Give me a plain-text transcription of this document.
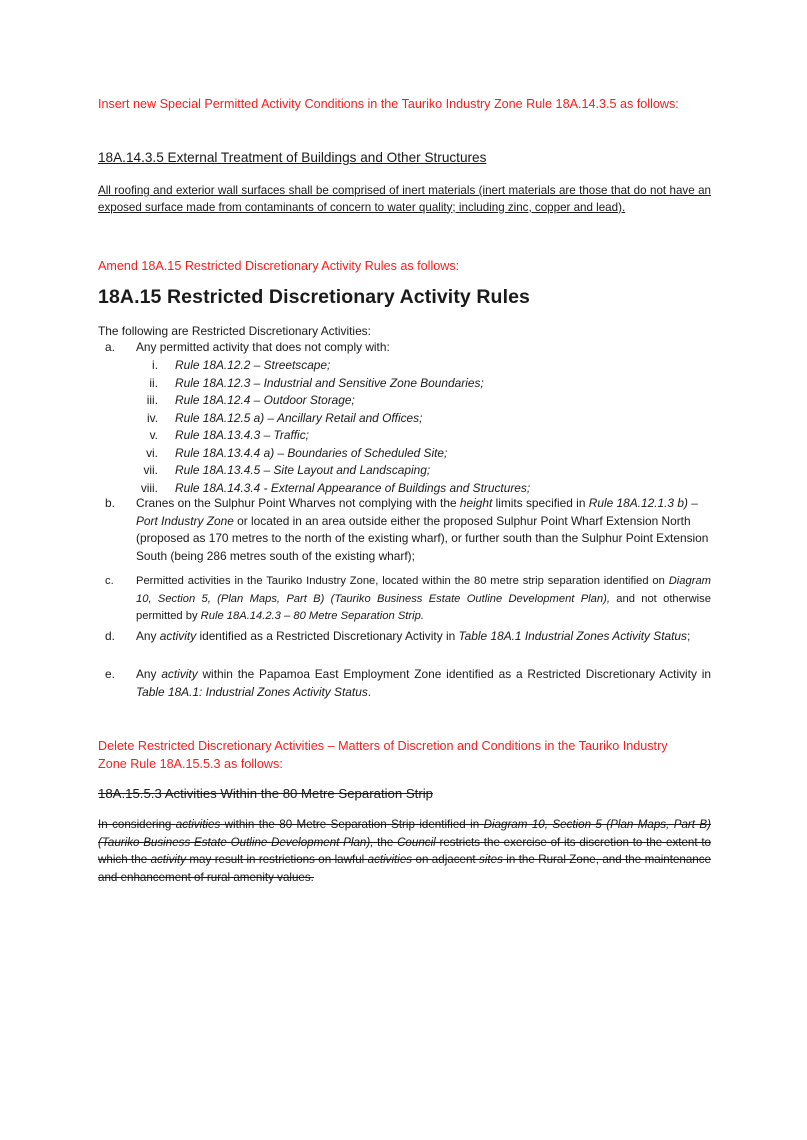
Insert new Special Permitted Activity Conditions in the Tauriko Industry Zone Rule 18A.14.3.5 as follows:
18A.14.3.5 External Treatment of Buildings and Other Structures
All roofing and exterior wall surfaces shall be comprised of inert materials (inert materials are those that do not have an exposed surface made from contaminants of concern to water quality; including zinc, copper and lead).
Amend 18A.15 Restricted Discretionary Activity Rules as follows:
18A.15 Restricted Discretionary Activity Rules
The following are Restricted Discretionary Activities:
a. Any permitted activity that does not comply with:
i. Rule 18A.12.2 – Streetscape;
ii. Rule 18A.12.3 – Industrial and Sensitive Zone Boundaries;
iii. Rule 18A.12.4 – Outdoor Storage;
iv. Rule 18A.12.5 a) – Ancillary Retail and Offices;
v. Rule 18A.13.4.3 – Traffic;
vi. Rule 18A.13.4.4 a) – Boundaries of Scheduled Site;
vii. Rule 18A.13.4.5 – Site Layout and Landscaping;
viii. Rule 18A.14.3.4 - External Appearance of Buildings and Structures;
b. Cranes on the Sulphur Point Wharves not complying with the height limits specified in Rule 18A.12.1.3 b) – Port Industry Zone or located in an area outside either the proposed Sulphur Point Wharf Extension North (proposed as 170 metres to the north of the existing wharf), or further south than the Sulphur Point Extension South (being 286 metres south of the existing wharf);
c. Permitted activities in the Tauriko Industry Zone, located within the 80 metre strip separation identified on Diagram 10, Section 5, (Plan Maps, Part B) (Tauriko Business Estate Outline Development Plan), and not otherwise permitted by Rule 18A.14.2.3 – 80 Metre Separation Strip.
d. Any activity identified as a Restricted Discretionary Activity in Table 18A.1 Industrial Zones Activity Status;
e. Any activity within the Papamoa East Employment Zone identified as a Restricted Discretionary Activity in Table 18A.1: Industrial Zones Activity Status.
Delete Restricted Discretionary Activities – Matters of Discretion and Conditions in the Tauriko Industry Zone Rule 18A.15.5.3 as follows:
18A.15.5.3 Activities Within the 80 Metre Separation Strip
In considering activities within the 80 Metre Separation Strip identified in Diagram 10, Section 5 (Plan Maps, Part B) (Tauriko Business Estate Outline Development Plan), the Council restricts the exercise of its discretion to the extent to which the activity may result in restrictions on lawful activities on adjacent sites in the Rural Zone, and the maintenance and enhancement of rural amenity values.
